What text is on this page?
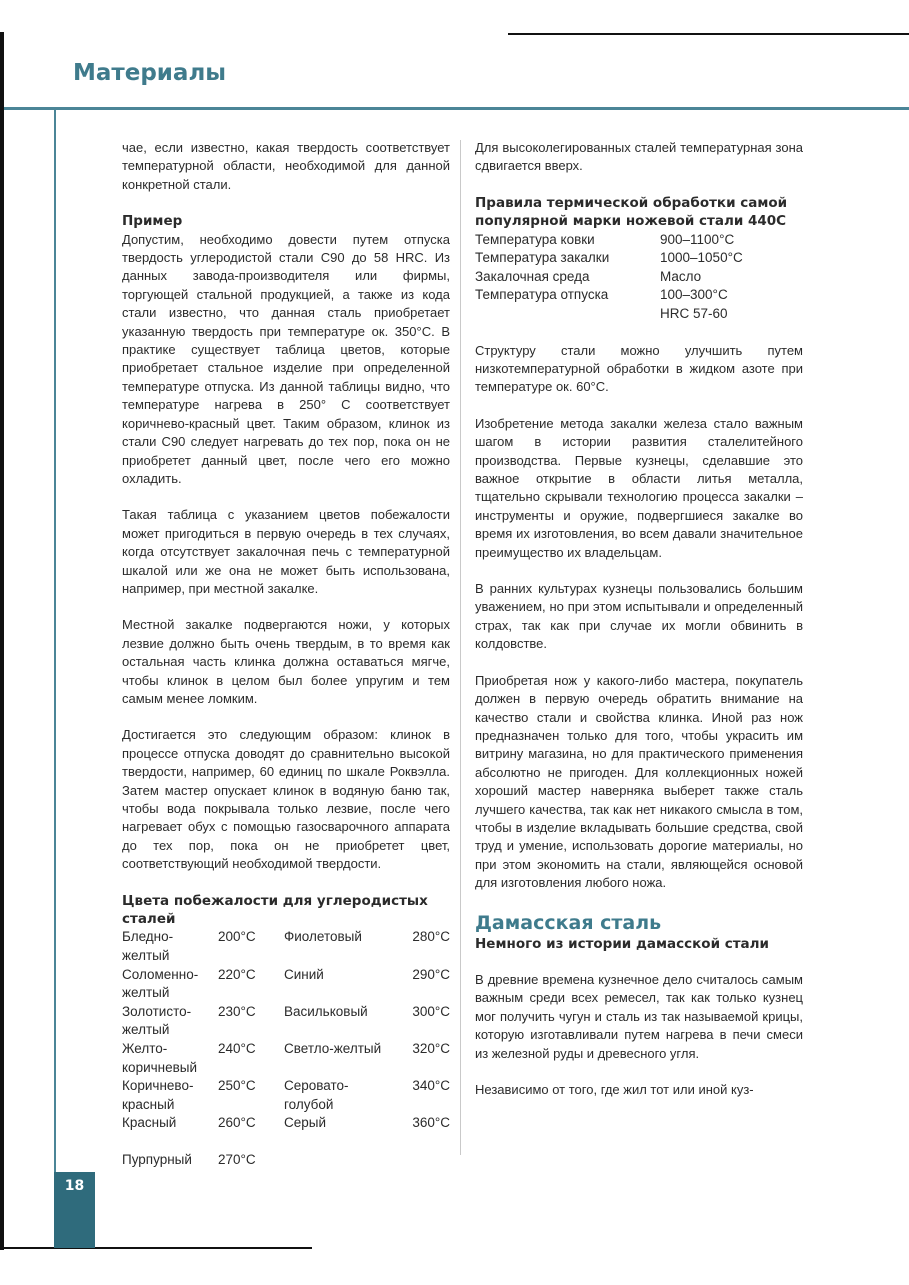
Материалы
18

чае, если известно, какая твердость соответствует температурной области, необходимой для данной конкретной стали.

Пример

Допустим, необходимо довести путем отпуска твердость углеродистой стали С90 до 58 HRC. Из данных завода-производителя или фирмы, торгующей стальной продукцией, а также из кода стали известно, что данная сталь приобретает указанную твердость при температуре ок. 350°С. В практике существует таблица цветов, которые приобретает стальное изделие при определенной температуре отпуска. Из данной таблицы видно, что температуре нагрева в 250° С соответствует коричнево-красный цвет. Таким образом, клинок из стали С90 следует нагревать до тех пор, пока он не приобретет данный цвет, после чего его можно охладить.

Такая таблица с указанием цветов побежалости может пригодиться в первую очередь в тех случаях, когда отсутствует закалочная печь с температурной шкалой или же она не может быть использована, например, при местной закалке.

Местной закалке подвергаются ножи, у которых лезвие должно быть очень твердым, в то время как остальная часть клинка должна оставаться мягче, чтобы клинок в целом был более упругим и тем самым менее ломким.

Достигается это следующим образом: клинок в процессе отпуска доводят до сравнительно высокой твердости, например, 60 единиц по шкале Роквэлла. Затем мастер опускает клинок в водяную баню так, чтобы вода покрывала только лезвие, после чего нагревает обух с помощью газосварочного аппарата до тех пор, пока он не приобретет цвет, соответствующий необходимой твердости.

Цвета побежалости для углеродистых сталей
Бледно-желтый	200°С	Фиолетовый	280°С
Соломенно-желтый	220°С	Синий	290°С
Золотисто-желтый	230°С	Васильковый	300°С
Желто-коричневый	240°С	Светло-желтый	320°С
Коричнево-красный	250°С	Серовато-голубой	340°С
Красный	260°С	Серый	360°С
Пурпурный	270°С		

Для высоколегированных сталей температурная зона сдвигается вверх.

Правила термической обработки самой популярной марки ножевой стали 440С
Температура ковки	900–1100°С
Температура закалки	1000–1050°С
Закалочная среда	Масло
Температура отпуска	100–300°С
	HRC 57-60

Структуру стали можно улучшить путем низкотемпературной обработки в жидком азоте при температуре ок. 60°С.

Изобретение метода закалки железа стало важным шагом в истории развития сталелитейного производства. Первые кузнецы, сделавшие это важное открытие в области литья металла, тщательно скрывали технологию процесса закалки – инструменты и оружие, подвергшиеся закалке во время их изготовления, во всем давали значительное преимущество их владельцам.

В ранних культурах кузнецы пользовались большим уважением, но при этом испытывали и определенный страх, так как при случае их могли обвинить в колдовстве.

Приобретая нож у какого-либо мастера, покупатель должен в первую очередь обратить внимание на качество стали и свойства клинка. Иной раз нож предназначен только для того, чтобы украсить им витрину магазина, но для практического применения абсолютно не пригоден. Для коллекционных ножей хороший мастер наверняка выберет также сталь лучшего качества, так как нет никакого смысла в том, чтобы в изделие вкладывать большие средства, свой труд и умение, использовать дорогие материалы, но при этом экономить на стали, являющейся основой для изготовления любого ножа.

Дамасская сталь
Немного из истории дамасской стали

В древние времена кузнечное дело считалось самым важным среди всех ремесел, так как только кузнец мог получить чугун и сталь из так называемой крицы, которую изготавливали путем нагрева в печи смеси из железной руды и древесного угля.

Независимо от того, где жил тот или иной куз-
